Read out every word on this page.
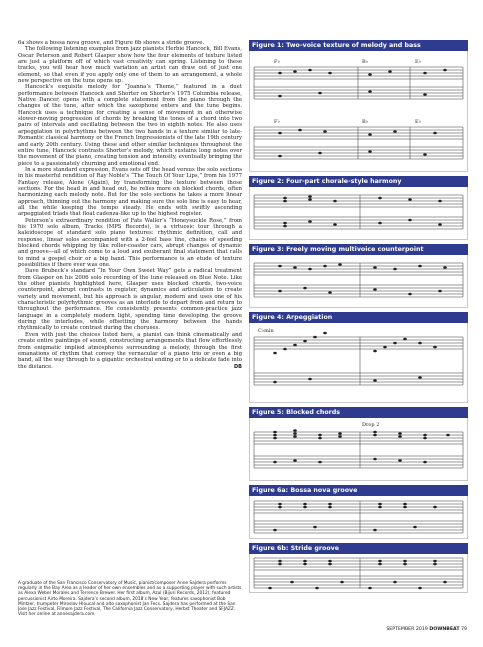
6a shows a bossa nova groove, and Figure 6b shows a stride groove.

The following listening examples from jazz pianists Herbie Hancock, Bill Evans, Oscar Peterson and Robert Glasper show how the four elements of texture listed are just a platform off of which vast creativity can spring. Listening to these tracks, you will hear how much variation an artist can draw out of just one element, so that even if you apply only one of them to an arrangement, a whole new perspective on the tune opens up.

Hancock’s exquisite melody for “Joanna’s Theme,” featured in a duet performance between Hancock and Shorter on Shorter’s 1975 Columbia release, Native Dancer, opens with a complete statement from the piano through the changes of the tune, after which the saxophone enters and the tune begins. Hancock uses a technique for creating a sense of movement in an otherwise slower-moving progression of chords by breaking the tones of a chord into two pairs of intervals and oscillating between the two in eighth notes. He also uses arpeggiation in polyrhythms between the two hands in a texture similar to late-Romantic classical harmony or the French Impressionists of the late 19th century and early 20th century. Using these and other similar techniques throughout the entire tune, Hancock contrasts Shorter’s melody, which sustains long notes over the movement of the piano, creating tension and intensity, eventually bringing the piece to a passionately churning and emotional end.

In a more standard expression, Evans sets off the head versus the solo sections in his masterful rendition of Ray Noble’s “The Touch Of Your Lips,” from his 1977 Fantasy release, Alone (Again), by transforming the texture between those sections. For the head in and head out, he relies more on blocked chords, often harmonizing each melody note. But for the solo sections he takes a more linear approach, thinning out the harmony and making sure the solo line is easy to hear, all the while keeping the tempo steady. He ends with swiftly ascending arpeggiated triads that float cadenza-like up to the highest register.

Peterson’s extraordinary rendition of Fats Waller’s “Honeysuckle Rose,” from his 1970 solo album, Tracks (MPS Records), is a virtuosic tour through a kaleidoscope of standard solo piano textures: rhythmic definition, call and response, linear solos accompanied with a 2-feel bass line, chains of speeding blocked chords whipping by like roller-coaster cars, abrupt changes of dynamic and groove—all of which come to a loud and exuberant final statement that calls to mind a gospel choir or a big band. This performance is an etude of texture possibilities if there ever was one.

Dave Brubeck’s standard “In Your Own Sweet Way” gets a radical treatment from Glasper on his 2006 solo recording of the tune released on Blue Note. Like the other pianists highlighted here, Glasper uses blocked chords, two-voice counterpoint, abrupt contrasts in register, dynamics and articulation to create variety and movement, but his approach is angular, modern and uses one of his characteristic polyrhythmic grooves as an interlude to depart from and return to throughout the performance. He consistently presents common-practice jazz language in a completely modern light, spending time developing the groove during the interludes, while offsetting the harmony between the hands rhythmically to create contrast during the choruses.

Even with just the choices listed here, a pianist can think cinematically and create entire paintings of sound, constructing arrangements that flow effortlessly from enigmatic implied atmospheres surrounding a melody, through the first emanations of rhythm that convey the vernacular of a piano trio or even a big band, all the way through to a gigantic orchestral ending or to a delicate fade into the distance.	DB

A graduate of the San Francisco Conservatory of Music, pianist/composer Anne Sajdera performs regularly in the Bay Area as a leader of her own ensembles and as a supporting player with such artists as Alexa Weber Morales and Terrence Brewer. Her first album, Azul (Bijuri Records, 2012), featured percussionist Airto Moreira. Sajdera’s second album, 2018’s New Year, features saxophonist Bob Mintzer, trumpeter Miroslav Hloucal and alto saxophonist Jan Fecs. Sajdera has performed at the San Jose Jazz Festival, Filmore Jazz Festival, The California Jazz Conservatory, Herbst Theater and SFJAZZ. Visit her online at annesajdera.com.
Figure 1: Two-voice texture of melody and bass
F♭	B♭	E♭
F♭	B♭	E♭
Figure 2: Four-part chorale-style harmony
Figure 3: Freely moving multivoice counterpoint
Figure 4: Arpeggiation
C♭min
Figure 5: Blocked chords
Drop 2
Figure 6a: Bossa nova groove
Figure 6b: Stride groove
SEPTEMBER 2019 DOWNBEAT 79
